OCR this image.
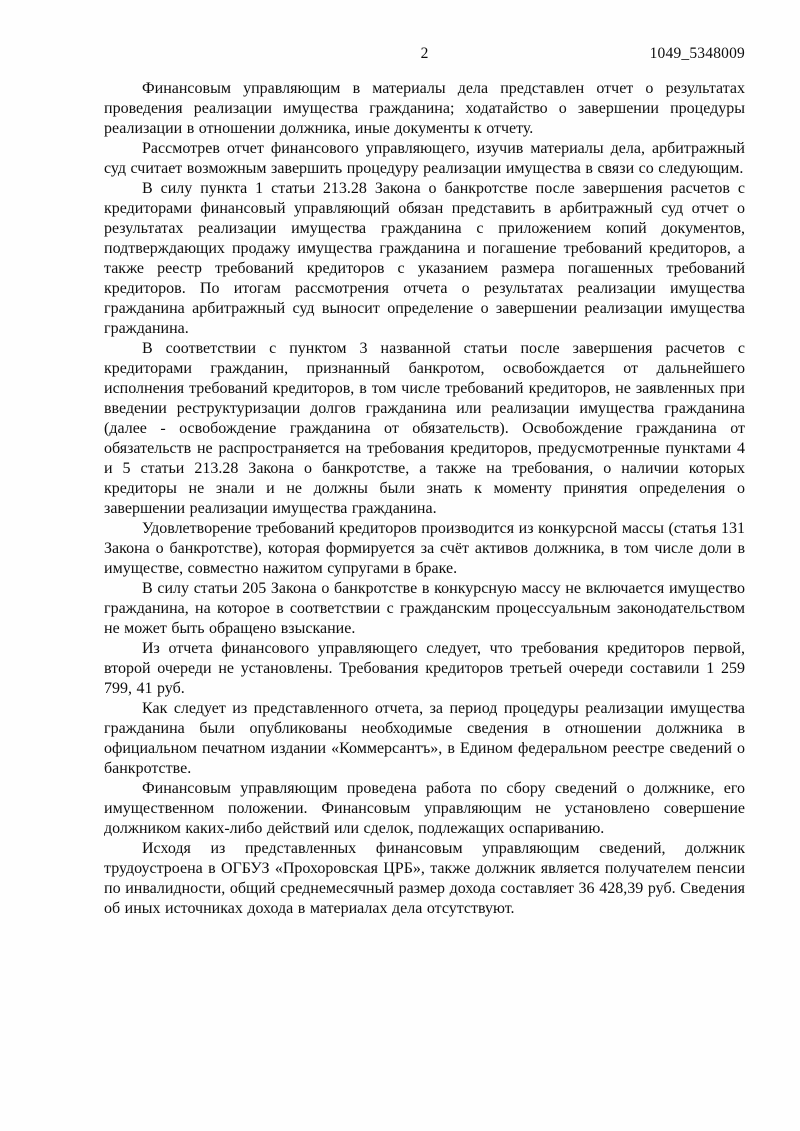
2	1049_5348009

Финансовым управляющим в материалы дела представлен отчет о результатах проведения реализации имущества гражданина; ходатайство о завершении процедуры реализации в отношении должника, иные документы к отчету.

Рассмотрев отчет финансового управляющего, изучив материалы дела, арбитражный суд считает возможным завершить процедуру реализации имущества в связи со следующим.

В силу пункта 1 статьи 213.28 Закона о банкротстве после завершения расчетов с кредиторами финансовый управляющий обязан представить в арбитражный суд отчет о результатах реализации имущества гражданина с приложением копий документов, подтверждающих продажу имущества гражданина и погашение требований кредиторов, а также реестр требований кредиторов с указанием размера погашенных требований кредиторов. По итогам рассмотрения отчета о результатах реализации имущества гражданина арбитражный суд выносит определение о завершении реализации имущества гражданина.

В соответствии с пунктом 3 названной статьи после завершения расчетов с кредиторами гражданин, признанный банкротом, освобождается от дальнейшего исполнения требований кредиторов, в том числе требований кредиторов, не заявленных при введении реструктуризации долгов гражданина или реализации имущества гражданина (далее - освобождение гражданина от обязательств). Освобождение гражданина от обязательств не распространяется на требования кредиторов, предусмотренные пунктами 4 и 5 статьи 213.28 Закона о банкротстве, а также на требования, о наличии которых кредиторы не знали и не должны были знать к моменту принятия определения о завершении реализации имущества гражданина.

Удовлетворение требований кредиторов производится из конкурсной массы (статья 131 Закона о банкротстве), которая формируется за счёт активов должника, в том числе доли в имуществе, совместно нажитом супругами в браке.

В силу статьи 205 Закона о банкротстве в конкурсную массу не включается имущество гражданина, на которое в соответствии с гражданским процессуальным законодательством не может быть обращено взыскание.

Из отчета финансового управляющего следует, что требования кредиторов первой, второй очереди не установлены. Требования кредиторов третьей очереди составили 1 259 799, 41 руб.

Как следует из представленного отчета, за период процедуры реализации имущества гражданина были опубликованы необходимые сведения в отношении должника в официальном печатном издании «Коммерсантъ», в Едином федеральном реестре сведений о банкротстве.

Финансовым управляющим проведена работа по сбору сведений о должнике, его имущественном положении. Финансовым управляющим не установлено совершение должником каких-либо действий или сделок, подлежащих оспариванию.

Исходя из представленных финансовым управляющим сведений, должник трудоустроена в ОГБУЗ «Прохоровская ЦРБ», также должник является получателем пенсии по инвалидности, общий среднемесячный размер дохода составляет 36 428,39 руб. Сведения об иных источниках дохода в материалах дела отсутствуют.
